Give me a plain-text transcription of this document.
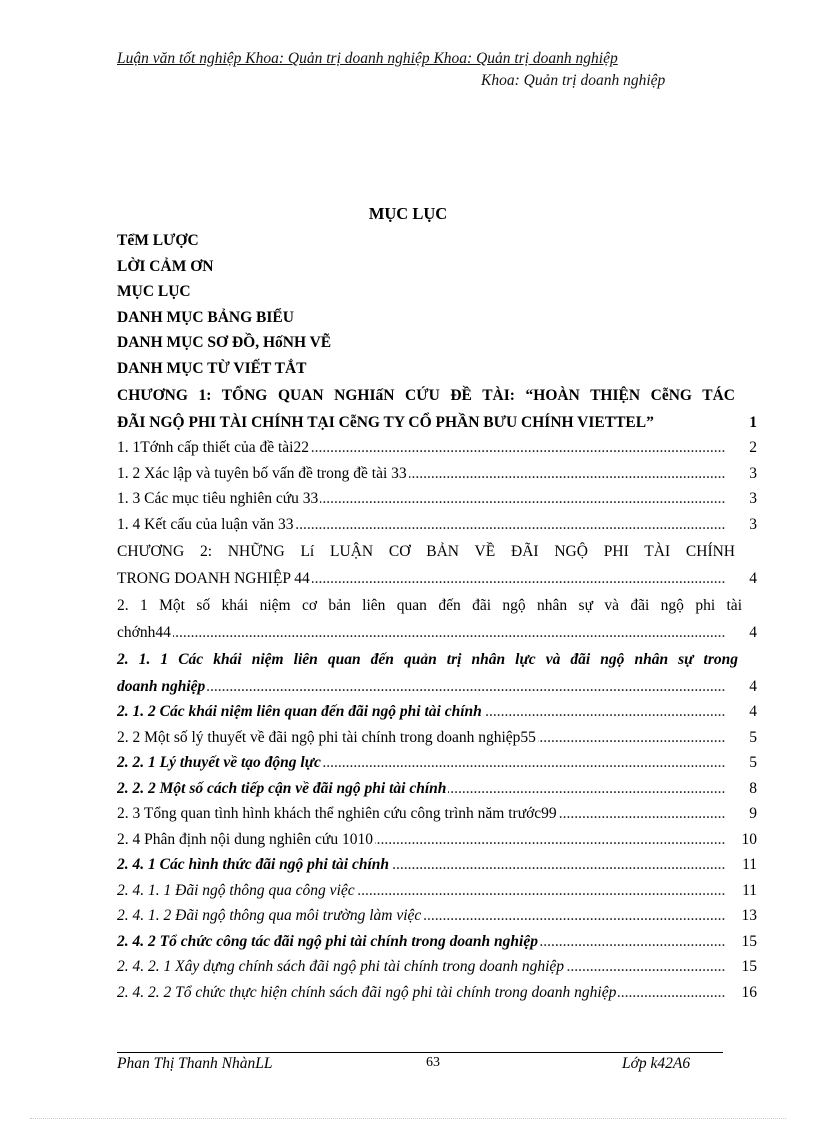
Luận văn tốt nghiệp Khoa: Quản trị doanh nghiệp Khoa: Quản trị doanh nghiệp
Khoa: Quản trị doanh nghiệp
MỤC LỤC
TểM LƯỢC
LỜI CẢM ƠN
MỤC LỤC
DANH MỤC BẢNG BIỂU
DANH MỤC SƠ ĐỒ, HốNH VẼ
DANH MỤC TỪ VIẾT TẮT
CHƯƠNG 1: TỔNG QUAN NGHIấN CỨU ĐỀ TÀI: “HOÀN THIỆN CễNG TÁC
ĐÃI NGỘ PHI TÀI CHÍNH TẠI CễNG TY CỔ PHẦN BƯU CHÍNH VIETTEL”	1
..... 1. 1Tớnh cấp thiết của đề tài22	2
..... 1. 2 Xác lập và tuyên bố vấn đề trong đề tài 33	3
..... 1. 3 Các mục tiêu nghiên cứu 33	3
..... 1. 4 Kết cấu của luận văn 33	3
CHƯƠNG 2: NHỮNG Lí LUẬN CƠ BẢN VỀ ĐÃI NGỘ PHI TÀI CHÍNH
..... TRONG DOANH NGHIỆP 44	4
2. 1 Một số khái niệm cơ bản liên quan đến đãi ngộ nhân sự và đãi ngộ phi tài
..... chớnh44	4
2. 1. 1 Các khái niệm liên quan đến quản trị nhân lực và đãi ngộ nhân sự trong
..... doanh nghiệp	4
..... 2. 1. 2 Các khái niệm liên quan đến đãi ngộ phi tài chính	4
..... 2. 2 Một số lý thuyết về đãi ngộ phi tài chính trong doanh nghiệp55	5
..... 2. 2. 1 Lý thuyết về tạo động lực	5
..... 2. 2. 2 Một số cách tiếp cận về đãi ngộ phi tài chính	8
..... 2. 3 Tổng quan tình hình khách thể nghiên cứu công trình năm trước99	9
..... 2. 4 Phân định nội dung nghiên cứu 1010	10
..... 2. 4. 1 Các hình thức đãi ngộ phi tài chính	11
..... 2. 4. 1. 1 Đãi ngộ thông qua công việc	11
..... 2. 4. 1. 2 Đãi ngộ thông qua môi trường làm việc	13
..... 2. 4. 2 Tổ chức công tác đãi ngộ phi tài chính trong doanh nghiệp	15
..... 2. 4. 2. 1 Xây dựng chính sách đãi ngộ phi tài chính trong doanh nghiệp	15
..... 2. 4. 2. 2 Tổ chức thực hiện chính sách đãi ngộ phi tài chính trong doanh nghiệp	16
Phan Thị Thanh NhànLL	63	Lớp k42A6
